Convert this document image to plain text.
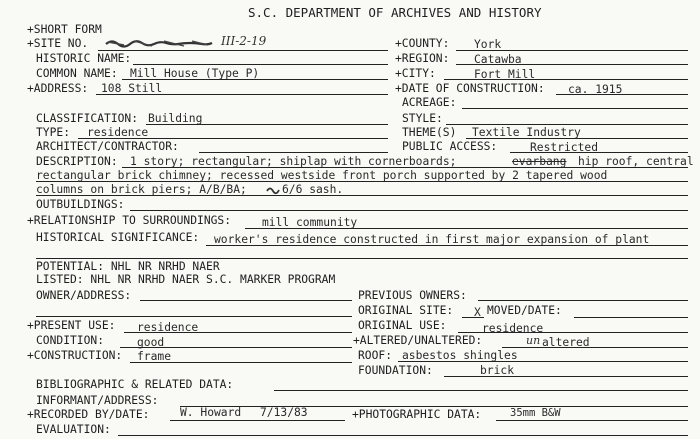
S.C. DEPARTMENT OF ARCHIVES AND HISTORY
+SHORT FORM
+SITE NO.	III-2-19
HISTORIC NAME:
COMMON NAME: Mill House (Type P)
+ADDRESS: 108 Still
CLASSIFICATION: Building
TYPE: residence
ARCHITECT/CONTRACTOR:
DESCRIPTION: 1 story; rectangular; shiplap with cornerboards;	evarbang hip roof, central
rectangular brick chimney; recessed westside front porch supported by 2 tapered wood
columns on brick piers; A/B/BA;	6/6 sash.
OUTBUILDINGS:
+RELATIONSHIP TO SURROUNDINGS:	mill community
HISTORICAL SIGNIFICANCE: worker's residence constructed in first major expansion of plant
POTENTIAL: NHL NR NRHD NAER
LISTED: NHL NR NRHD NAER S.C. MARKER PROGRAM
OWNER/ADDRESS:
+PRESENT USE: residence
CONDITION:	good
+CONSTRUCTION: frame
BIBLIOGRAPHIC & RELATED DATA:
INFORMANT/ADDRESS:
+RECORDED BY/DATE:	W. Howard 7/13/83
EVALUATION:
+COUNTY: York
+REGION: Catawba
+CITY:	Fort Mill
+DATE OF CONSTRUCTION: ca. 1915
ACREAGE:
STYLE:
THEME(S) Textile Industry
PUBLIC ACCESS:	Restricted
PREVIOUS OWNERS:
ORIGINAL SITE: X MOVED/DATE:
ORIGINAL USE:	residence
+ALTERED/UNALTERED:	un altered
ROOF: asbestos shingles
FOUNDATION:	brick
+PHOTOGRAPHIC DATA:	35mm B&W
